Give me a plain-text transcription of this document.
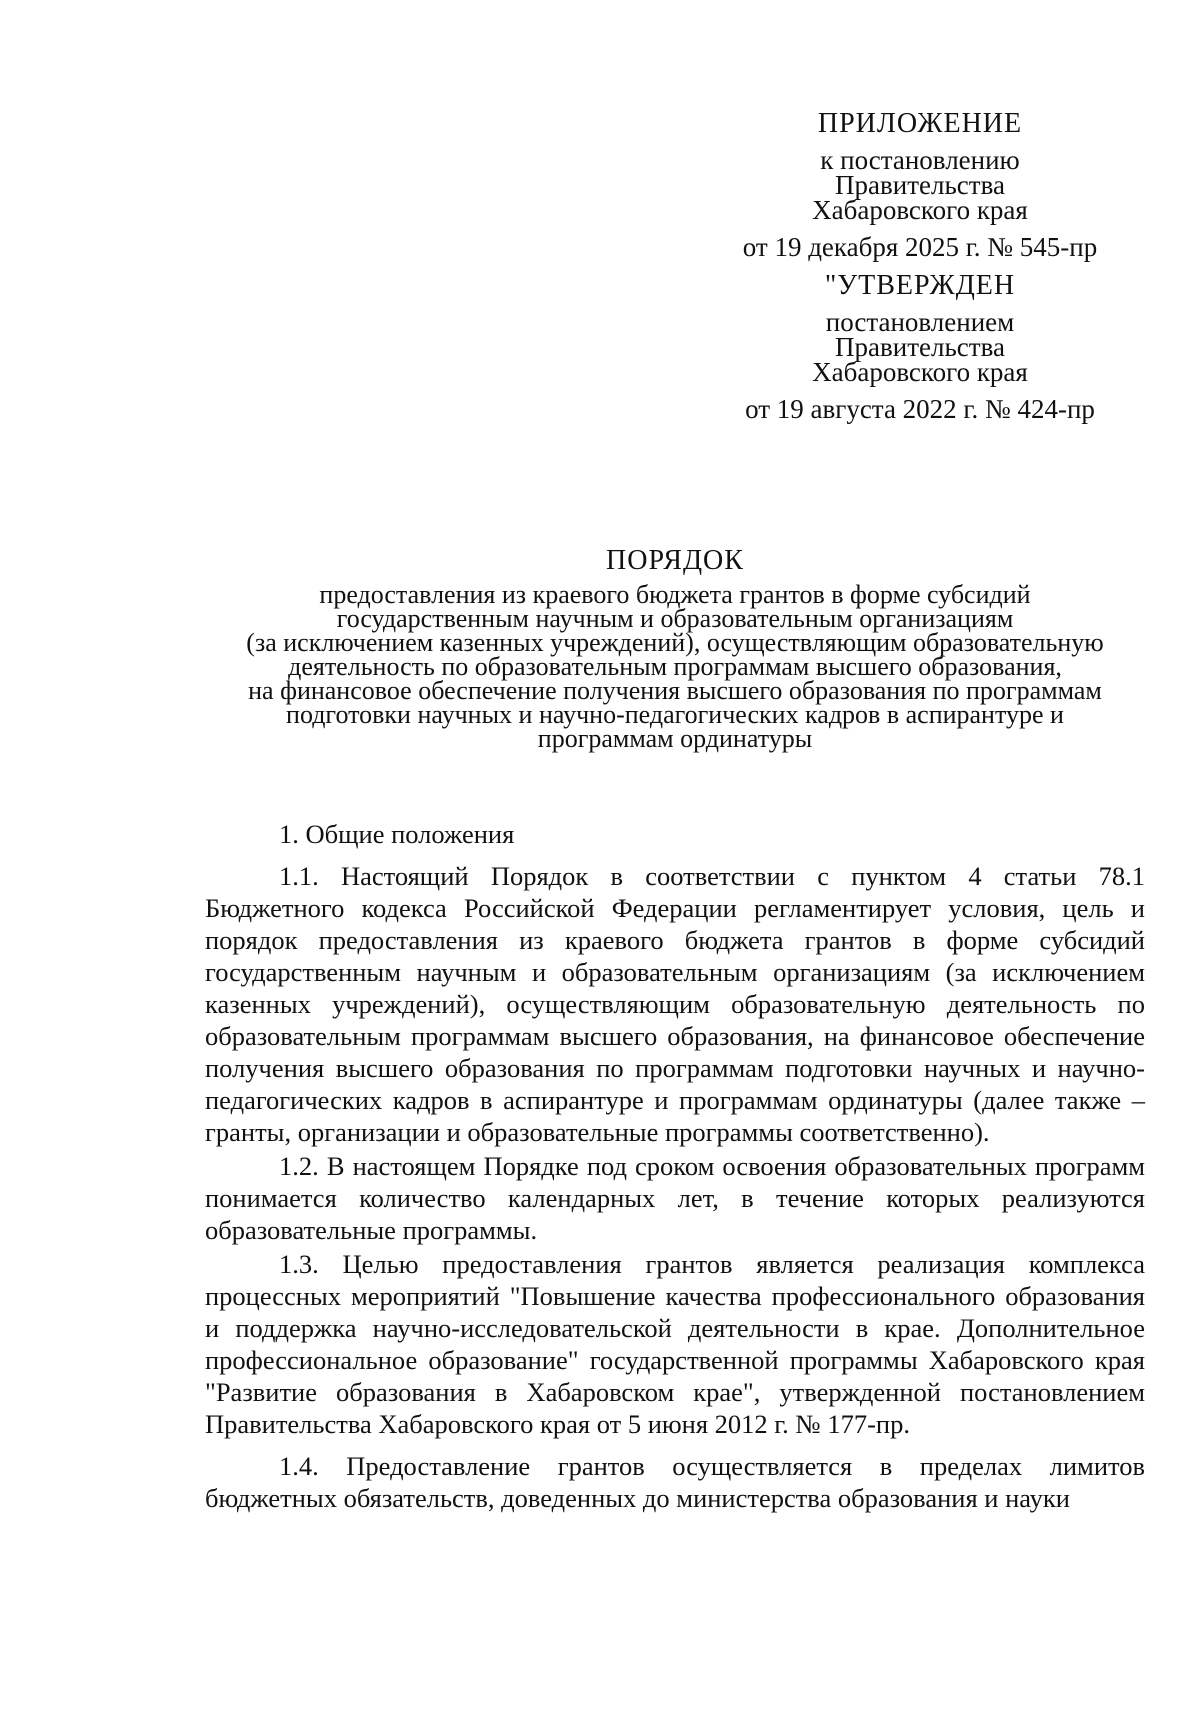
ПРИЛОЖЕНИЕ
к постановлению
Правительства
Хабаровского края
от 19 декабря 2025 г. № 545-пр
"УТВЕРЖДЕН
постановлением
Правительства
Хабаровского края
от 19 августа 2022 г. № 424-пр
ПОРЯДОК
предоставления из краевого бюджета грантов в форме субсидий
государственным научным и образовательным организациям
(за исключением казенных учреждений), осуществляющим образовательную
деятельность по образовательным программам высшего образования,
на финансовое обеспечение получения высшего образования по программам
подготовки научных и научно-педагогических кадров в аспирантуре и
программам ординатуры
1. Общие положения

1.1. Настоящий Порядок в соответствии с пунктом 4 статьи 78.1 Бюджетного кодекса Российской Федерации регламентирует условия, цель и порядок предоставления из краевого бюджета грантов в форме субсидий государственным научным и образовательным организациям (за исключением казенных учреждений), осуществляющим образовательную деятельность по образовательным программам высшего образования, на финансовое обеспечение получения высшего образования по программам подготовки научных и научно-педагогических кадров в аспирантуре и программам ординатуры (далее также – гранты, организации и образовательные программы соответственно).

1.2. В настоящем Порядке под сроком освоения образовательных программ понимается количество календарных лет, в течение которых реализуются образовательные программы.

1.3. Целью предоставления грантов является реализация комплекса процессных мероприятий "Повышение качества профессионального образования и поддержка научно-исследовательской деятельности в крае. Дополнительное профессиональное образование" государственной программы Хабаровского края "Развитие образования в Хабаровском крае", утвержденной постановлением Правительства Хабаровского края от 5 июня 2012 г. № 177-пр.

1.4. Предоставление грантов осуществляется в пределах лимитов бюджетных обязательств, доведенных до министерства образования и науки
